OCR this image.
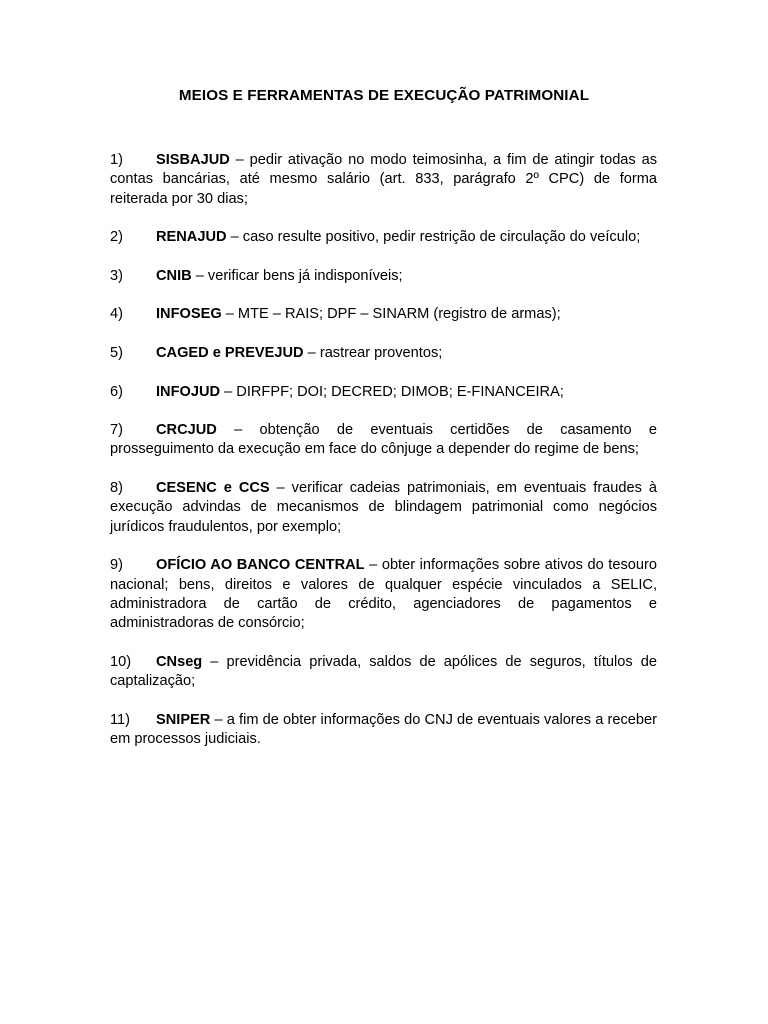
MEIOS E FERRAMENTAS DE EXECUÇÃO PATRIMONIAL
1) SISBAJUD – pedir ativação no modo teimosinha, a fim de atingir todas as contas bancárias, até mesmo salário (art. 833, parágrafo 2º CPC) de forma reiterada por 30 dias;
2) RENAJUD – caso resulte positivo, pedir restrição de circulação do veículo;
3) CNIB – verificar bens já indisponíveis;
4) INFOSEG – MTE – RAIS; DPF – SINARM (registro de armas);
5) CAGED e PREVEJUD – rastrear proventos;
6) INFOJUD – DIRFPF; DOI; DECRED; DIMOB; E-FINANCEIRA;
7) CRCJUD – obtenção de eventuais certidões de casamento e prosseguimento da execução em face do cônjuge a depender do regime de bens;
8) CESENC e CCS – verificar cadeias patrimoniais, em eventuais fraudes à execução advindas de mecanismos de blindagem patrimonial como negócios jurídicos fraudulentos, por exemplo;
9) OFÍCIO AO BANCO CENTRAL – obter informações sobre ativos do tesouro nacional; bens, direitos e valores de qualquer espécie vinculados a SELIC, administradora de cartão de crédito, agenciadores de pagamentos e administradoras de consórcio;
10) CNseg – previdência privada, saldos de apólices de seguros, títulos de captalização;
11) SNIPER – a fim de obter informações do CNJ de eventuais valores a receber em processos judiciais.
